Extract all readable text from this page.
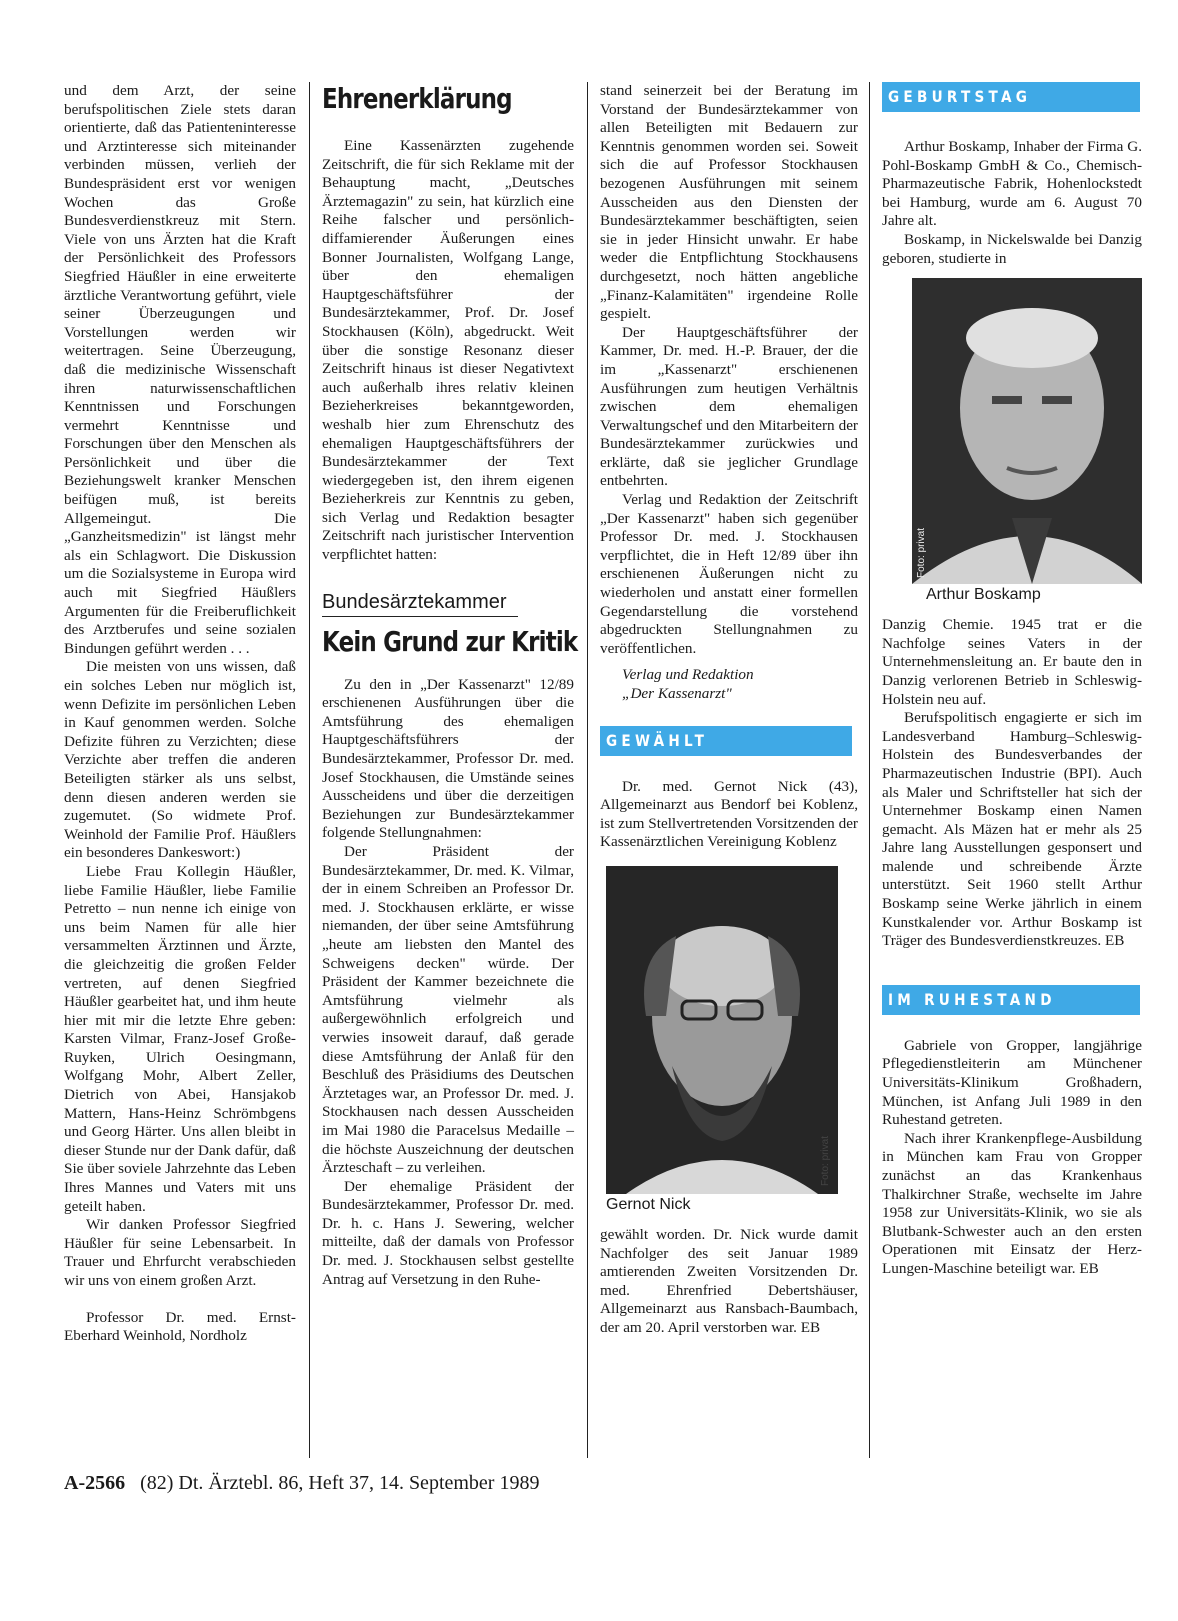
und dem Arzt, der seine berufspolitischen Ziele stets daran orientierte, daß das Patienteninteresse und Arztinteresse sich miteinander verbinden müssen, verlieh der Bundespräsident erst vor wenigen Wochen das Große Bundesverdienstkreuz mit Stern. Viele von uns Ärzten hat die Kraft der Persönlichkeit des Professors Siegfried Häußler in eine erweiterte ärztliche Verantwortung geführt, viele seiner Überzeugungen und Vorstellungen werden wir weitertragen. Seine Überzeugung, daß die medizinische Wissenschaft ihren naturwissenschaftlichen Kenntnissen und Forschungen vermehrt Kenntnisse und Forschungen über den Menschen als Persönlichkeit und über die Beziehungswelt kranker Menschen beifügen muß, ist bereits Allgemeingut. Die „Ganzheitsmedizin" ist längst mehr als ein Schlagwort. Die Diskussion um die Sozialsysteme in Europa wird auch mit Siegfried Häußlers Argumenten für die Freiberuflichkeit des Arztberufes und seine sozialen Bindungen geführt werden . . .

Die meisten von uns wissen, daß ein solches Leben nur möglich ist, wenn Defizite im persönlichen Leben in Kauf genommen werden. Solche Defizite führen zu Verzichten; diese Verzichte aber treffen die anderen Beteiligten stärker als uns selbst, denn diesen anderen werden sie zugemutet. (So widmete Prof. Weinhold der Familie Prof. Häußlers ein besonderes Dankeswort:)

Liebe Frau Kollegin Häußler, liebe Familie Häußler, liebe Familie Petretto – nun nenne ich einige von uns beim Namen für alle hier versammelten Ärztinnen und Ärzte, die gleichzeitig die großen Felder vertreten, auf denen Siegfried Häußler gearbeitet hat, und ihm heute hier mit mir die letzte Ehre geben: Karsten Vilmar, Franz-Josef Große-Ruyken, Ulrich Oesingmann, Wolfgang Mohr, Albert Zeller, Dietrich von Abei, Hansjakob Mattern, Hans-Heinz Schrömbgens und Georg Härter. Uns allen bleibt in dieser Stunde nur der Dank dafür, daß Sie über soviele Jahrzehnte das Leben Ihres Mannes und Vaters mit uns geteilt haben.

Wir danken Professor Siegfried Häußler für seine Lebensarbeit. In Trauer und Ehrfurcht verabschieden wir uns von einem großen Arzt.

Professor Dr. med. Ernst-Eberhard Weinhold, Nordholz

Ehrenerklärung

Eine Kassenärzten zugehende Zeitschrift, die für sich Reklame mit der Behauptung macht, „Deutsches Ärztemagazin" zu sein, hat kürzlich eine Reihe falscher und persönlich-diffamierender Äußerungen eines Bonner Journalisten, Wolfgang Lange, über den ehemaligen Hauptgeschäftsführer der Bundesärztekammer, Prof. Dr. Josef Stockhausen (Köln), abgedruckt. Weit über die sonstige Resonanz dieser Zeitschrift hinaus ist dieser Negativtext auch außerhalb ihres relativ kleinen Bezieherkreises bekanntgeworden, weshalb hier zum Ehrenschutz des ehemaligen Hauptgeschäftsführers der Bundesärztekammer der Text wiedergegeben ist, den ihrem eigenen Bezieherkreis zur Kenntnis zu geben, sich Verlag und Redaktion besagter Zeitschrift nach juristischer Intervention verpflichtet hatten:

Bundesärztekammer
Kein Grund zur Kritik

Zu den in „Der Kassenarzt" 12/89 erschienenen Ausführungen über die Amtsführung des ehemaligen Hauptgeschäftsführers der Bundesärztekammer, Professor Dr. med. Josef Stockhausen, die Umstände seines Ausscheidens und über die derzeitigen Beziehungen zur Bundesärztekammer folgende Stellungnahmen:

Der Präsident der Bundesärztekammer, Dr. med. K. Vilmar, der in einem Schreiben an Professor Dr. med. J. Stockhausen erklärte, er wisse niemanden, der über seine Amtsführung „heute am liebsten den Mantel des Schweigens decken" würde. Der Präsident der Kammer bezeichnete die Amtsführung vielmehr als außergewöhnlich erfolgreich und verwies insoweit darauf, daß gerade diese Amtsführung der Anlaß für den Beschluß des Präsidiums des Deutschen Ärztetages war, an Professor Dr. med. J. Stockhausen nach dessen Ausscheiden im Mai 1980 die Paracelsus Medaille – die höchste Auszeichnung der deutschen Ärzteschaft – zu verleihen.

Der ehemalige Präsident der Bundesärztekammer, Professor Dr. med. Dr. h. c. Hans J. Sewering, welcher mitteilte, daß der damals von Professor Dr. med. J. Stockhausen selbst gestellte Antrag auf Versetzung in den Ruhe-

stand seinerzeit bei der Beratung im Vorstand der Bundesärztekammer von allen Beteiligten mit Bedauern zur Kenntnis genommen worden sei. Soweit sich die auf Professor Stockhausen bezogenen Ausführungen mit seinem Ausscheiden aus den Diensten der Bundesärztekammer beschäftigten, seien sie in jeder Hinsicht unwahr. Er habe weder die Entpflichtung Stockhausens durchgesetzt, noch hätten angebliche „Finanz-Kalamitäten" irgendeine Rolle gespielt.

Der Hauptgeschäftsführer der Kammer, Dr. med. H.-P. Brauer, der die im „Kassenarzt" erschienenen Ausführungen zum heutigen Verhältnis zwischen dem ehemaligen Verwaltungschef und den Mitarbeitern der Bundesärztekammer zurückwies und erklärte, daß sie jeglicher Grundlage entbehrten.

Verlag und Redaktion der Zeitschrift „Der Kassenarzt" haben sich gegenüber Professor Dr. med. J. Stockhausen verpflichtet, die in Heft 12/89 über ihn erschienenen Äußerungen nicht zu wiederholen und anstatt einer formellen Gegendarstellung die vorstehend abgedruckten Stellungnahmen zu veröffentlichen.

Verlag und Redaktion

„Der Kassenarzt"

GEWÄHLT

Dr. med. Gernot Nick (43), Allgemeinarzt aus Bendorf bei Koblenz, ist zum Stellvertretenden Vorsitzenden der Kassenärztlichen Vereinigung Koblenz

Foto: privat
Gernot Nick

gewählt worden. Dr. Nick wurde damit Nachfolger des seit Januar 1989 amtierenden Zweiten Vorsitzenden Dr. med. Ehrenfried Debertshäuser, Allgemeinarzt aus Ransbach-Baumbach, der am 20. April verstorben war. EB

GEBURTSTAG

Arthur Boskamp, Inhaber der Firma G. Pohl-Boskamp GmbH & Co., Chemisch-Pharmazeutische Fabrik, Hohenlockstedt bei Hamburg, wurde am 6. August 70 Jahre alt.

Boskamp, in Nickelswalde bei Danzig geboren, studierte in

Foto: privat
Arthur Boskamp

Danzig Chemie. 1945 trat er die Nachfolge seines Vaters in der Unternehmensleitung an. Er baute den in Danzig verlorenen Betrieb in Schleswig-Holstein neu auf.

Berufspolitisch engagierte er sich im Landesverband Hamburg–Schleswig-Holstein des Bundesverbandes der Pharmazeutischen Industrie (BPI). Auch als Maler und Schriftsteller hat sich der Unternehmer Boskamp einen Namen gemacht. Als Mäzen hat er mehr als 25 Jahre lang Ausstellungen gesponsert und malende und schreibende Ärzte unterstützt. Seit 1960 stellt Arthur Boskamp seine Werke jährlich in einem Kunstkalender vor. Arthur Boskamp ist Träger des Bundesverdienstkreuzes. EB

IM RUHESTAND

Gabriele von Gropper, langjährige Pflegedienstleiterin am Münchener Universitäts-Klinikum Großhadern, München, ist Anfang Juli 1989 in den Ruhestand getreten.

Nach ihrer Krankenpflege-Ausbildung in München kam Frau von Gropper zunächst an das Krankenhaus Thalkirchner Straße, wechselte im Jahre 1958 zur Universitäts-Klinik, wo sie als Blutbank-Schwester auch an den ersten Operationen mit Einsatz der Herz-Lungen-Maschine beteiligt war. EB

A-2566 (82) Dt. Ärztebl. 86, Heft 37, 14. September 1989
